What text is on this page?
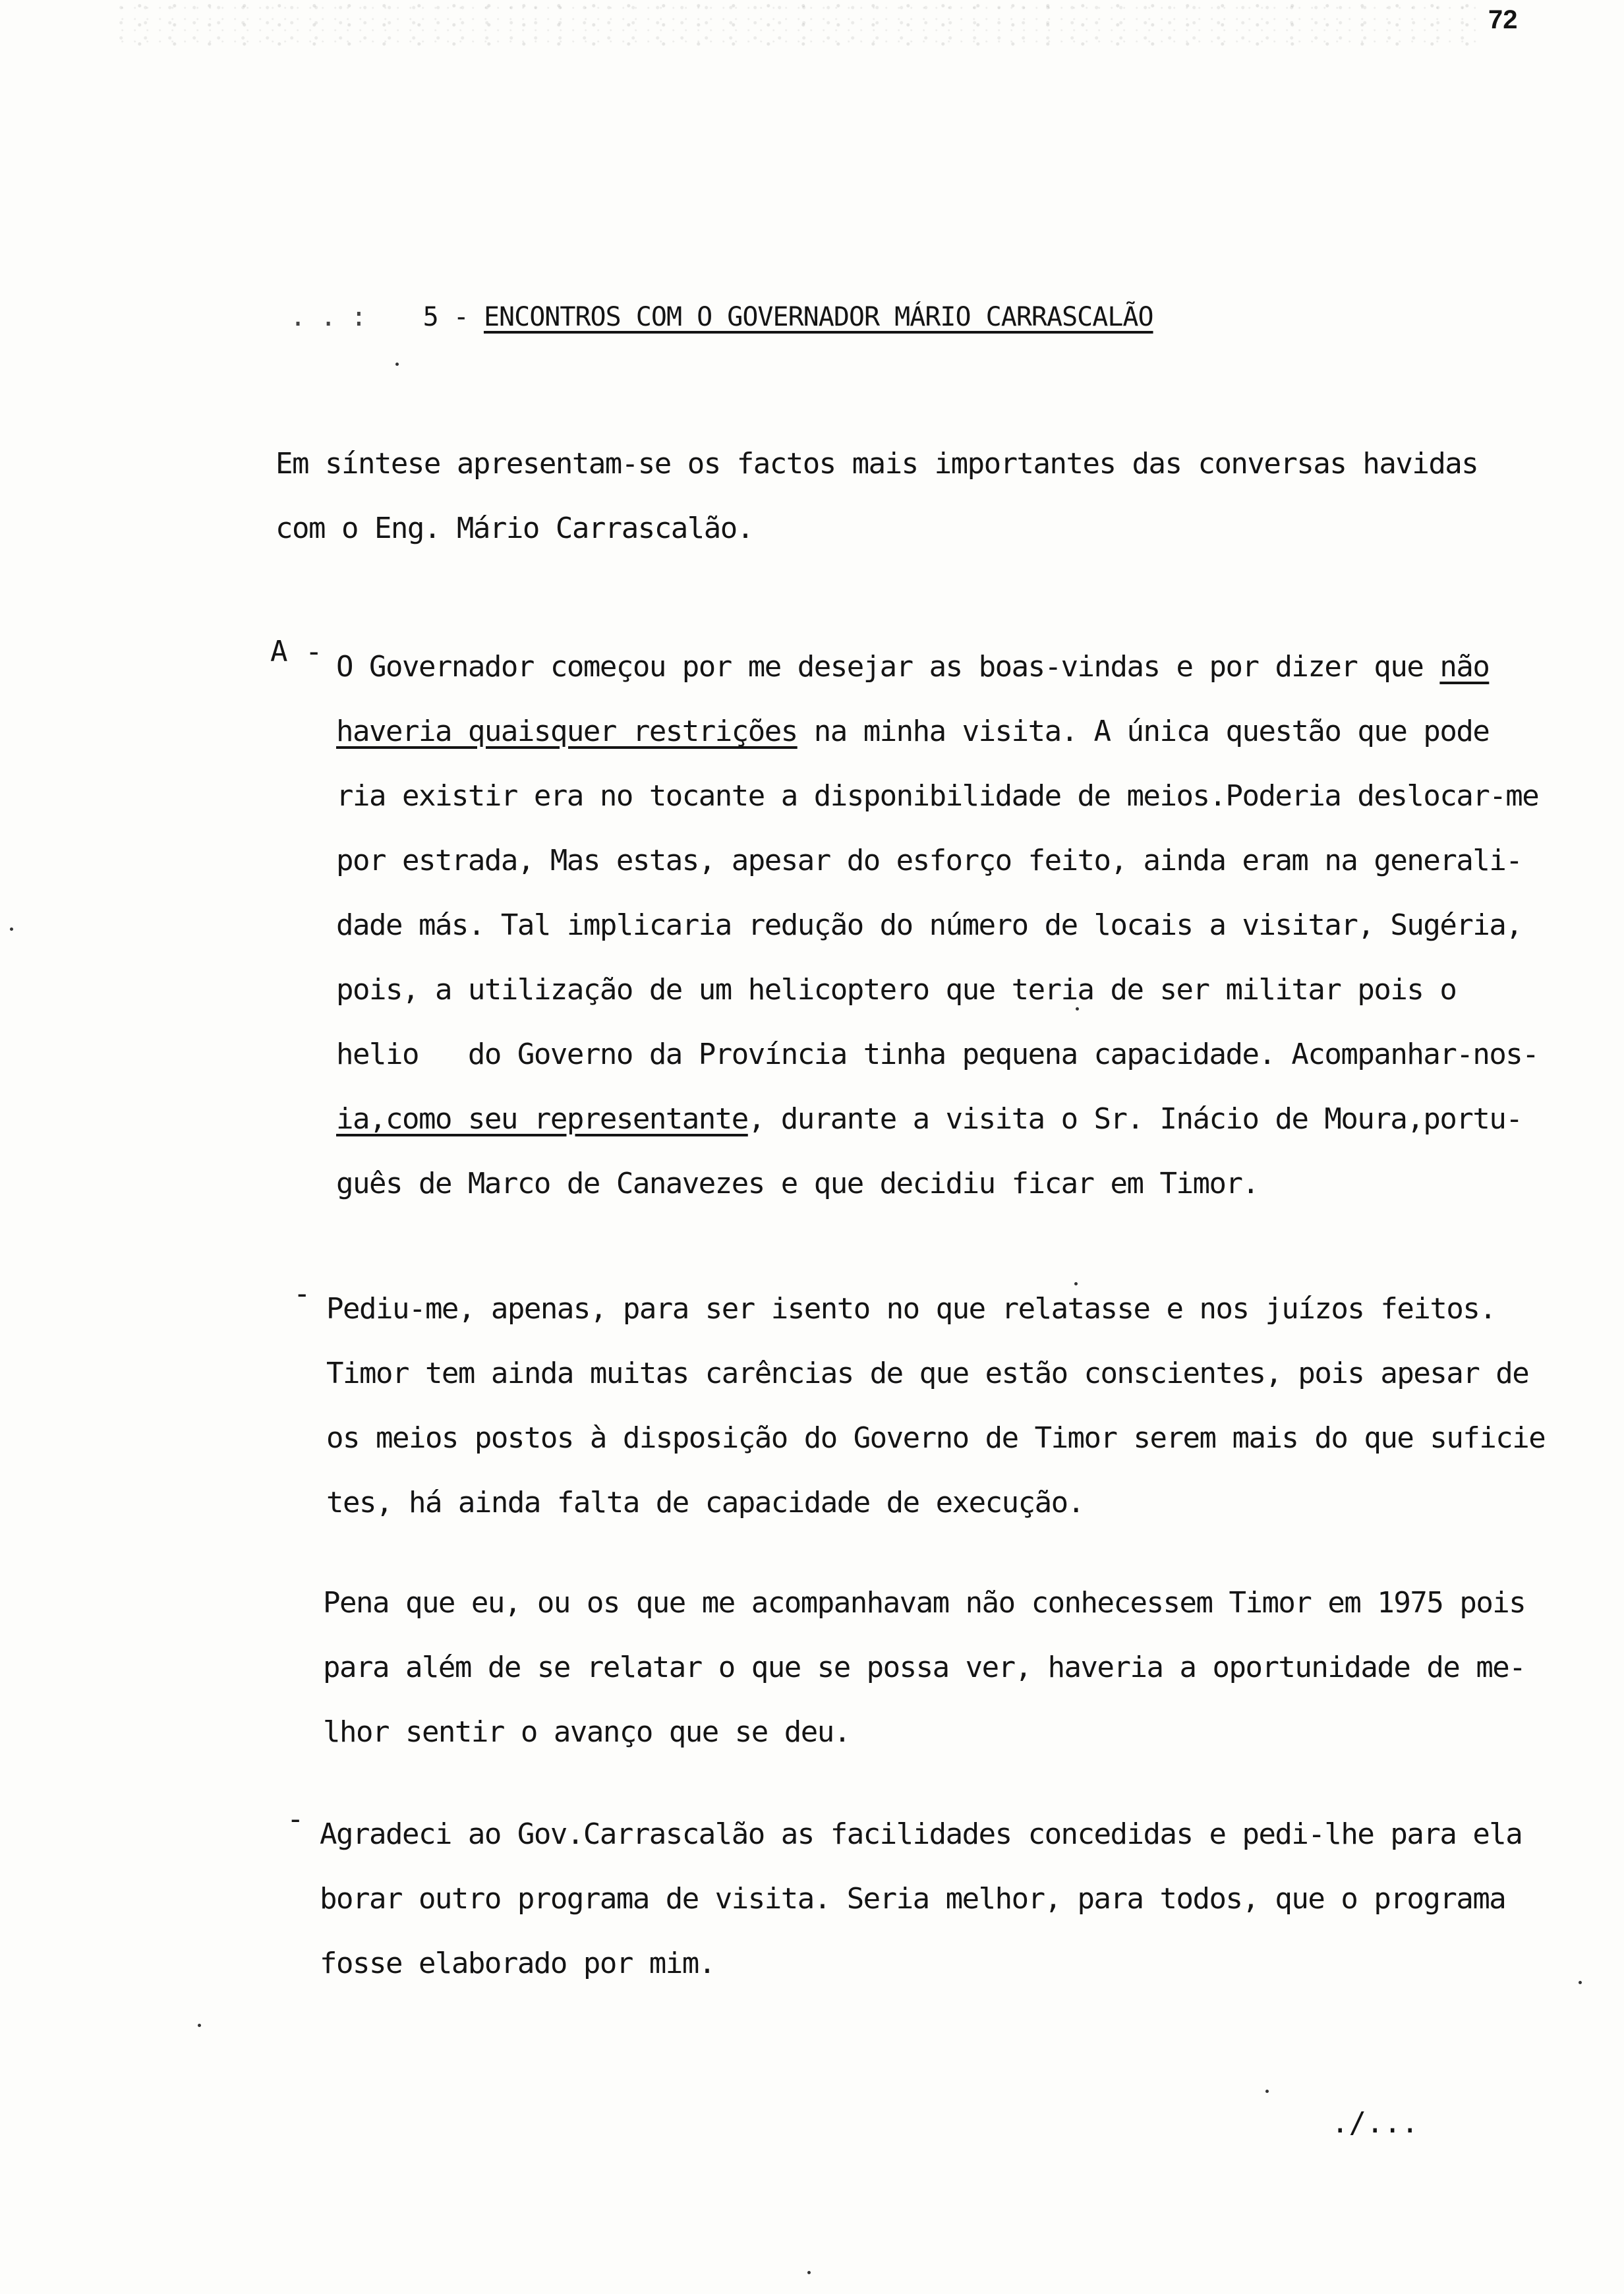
72
. . : 5 - ENCONTROS COM O GOVERNADOR MÁRIO CARRASCALÃO
Em síntese apresentam-se os factos mais importantes das conversas havidas
com o Eng. Mário Carrascalão.
A - O Governador começou por me desejar as boas-vindas e por dizer que não
haveria quaisquer restrições na minha visita. A única questão que pode
ria existir era no tocante a disponibilidade de meios.Poderia deslocar-me
por estrada, Mas estas, apesar do esforço feito, ainda eram na generali-
dade más. Tal implicaria redução do número de locais a visitar, Sugéria,
pois, a utilização de um helicoptero que teria de ser militar pois o
helio   do Governo da Província tinha pequena capacidade. Acompanhar-nos-
ia,como seu representante, durante a visita o Sr. Inácio de Moura,portu-
guês de Marco de Canavezes e que decidiu ficar em Timor.
- Pediu-me, apenas, para ser isento no que relatasse e nos juízos feitos.
Timor tem ainda muitas carências de que estão conscientes, pois apesar de
os meios postos à disposição do Governo de Timor serem mais do que suficie
tes, há ainda falta de capacidade de execução.
Pena que eu, ou os que me acompanhavam não conhecessem Timor em 1975 pois
para além de se relatar o que se possa ver, haveria a oportunidade de me-
lhor sentir o avanço que se deu.
- Agradeci ao Gov.Carrascalão as facilidades concedidas e pedi-lhe para ela
borar outro programa de visita. Seria melhor, para todos, que o programa
fosse elaborado por mim.
./...
